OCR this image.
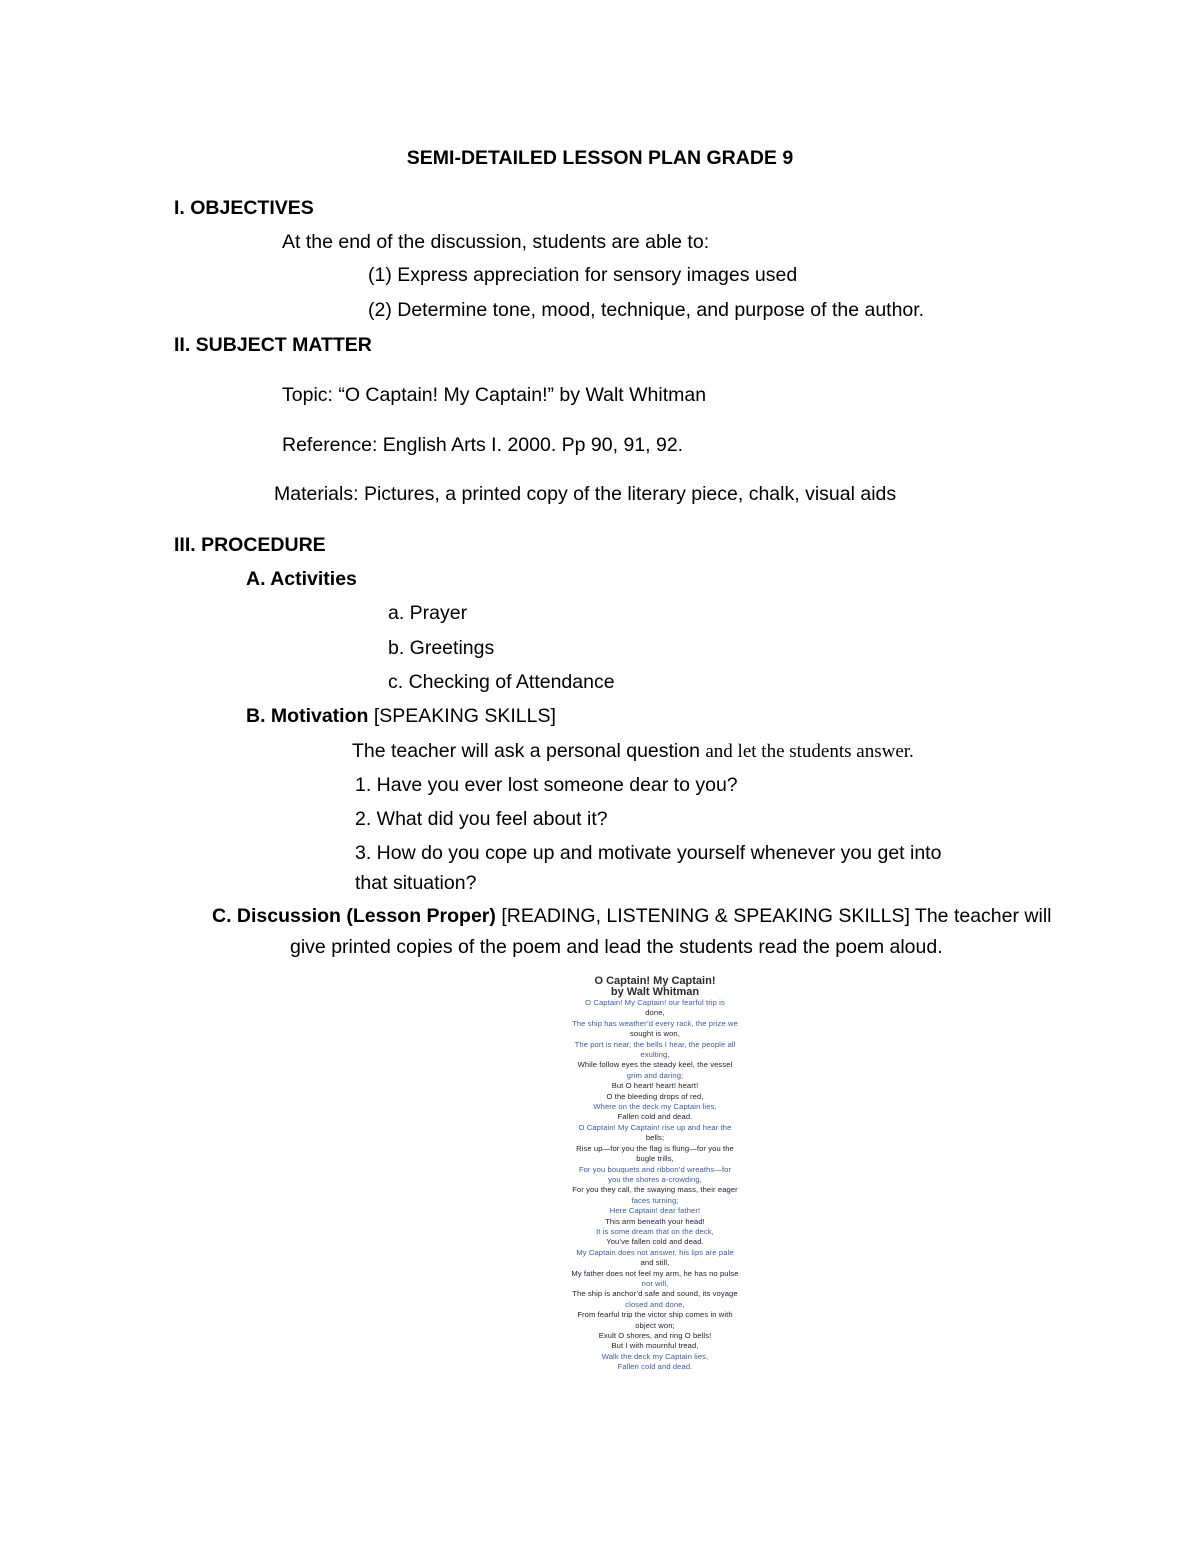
SEMI-DETAILED LESSON PLAN GRADE 9
I. OBJECTIVES
At the end of the discussion, students are able to:
(1) Express appreciation for sensory images used
(2) Determine tone, mood, technique, and purpose of the author.
II. SUBJECT MATTER
Topic: “O Captain! My Captain!” by Walt Whitman
Reference: English Arts I. 2000. Pp 90, 91, 92.
Materials: Pictures, a printed copy of the literary piece, chalk, visual aids
III. PROCEDURE
A. Activities
a. Prayer
b. Greetings
c. Checking of Attendance
B. Motivation [SPEAKING SKILLS]
The teacher will ask a personal question and let the students answer.
1. Have you ever lost someone dear to you?
2. What did you feel about it?
3. How do you cope up and motivate yourself whenever you get into
that situation?
C. Discussion (Lesson Proper) [READING, LISTENING & SPEAKING SKILLS] The teacher will
give printed copies of the poem and lead the students read the poem aloud.
O Captain! My Captain!
by Walt Whitman
O Captain! My Captain! our fearful trip is
done,
The ship has weather’d every rack, the prize we
sought is won,
The port is near, the bells I hear, the people all
exulting,
While follow eyes the steady keel, the vessel
grim and daring;
But O heart! heart! heart!
O the bleeding drops of red,
Where on the deck my Captain lies,
Fallen cold and dead.
O Captain! My Captain! rise up and hear the
bells;
Rise up—for you the flag is flung—for you the
bugle trills,
For you bouquets and ribbon’d wreaths—for
you the shores a-crowding,
For you they call, the swaying mass, their eager
faces turning;
Here Captain! dear father!
This arm beneath your head!
It is some dream that on the deck,
You’ve fallen cold and dead.
My Captain does not answer, his lips are pale
and still,
My father does not feel my arm, he has no pulse
nor will,
The ship is anchor’d safe and sound, its voyage
closed and done,
From fearful trip the victor ship comes in with
object won;
Exult O shores, and ring O bells!
But I with mournful tread,
Walk the deck my Captain lies,
Fallen cold and dead.
